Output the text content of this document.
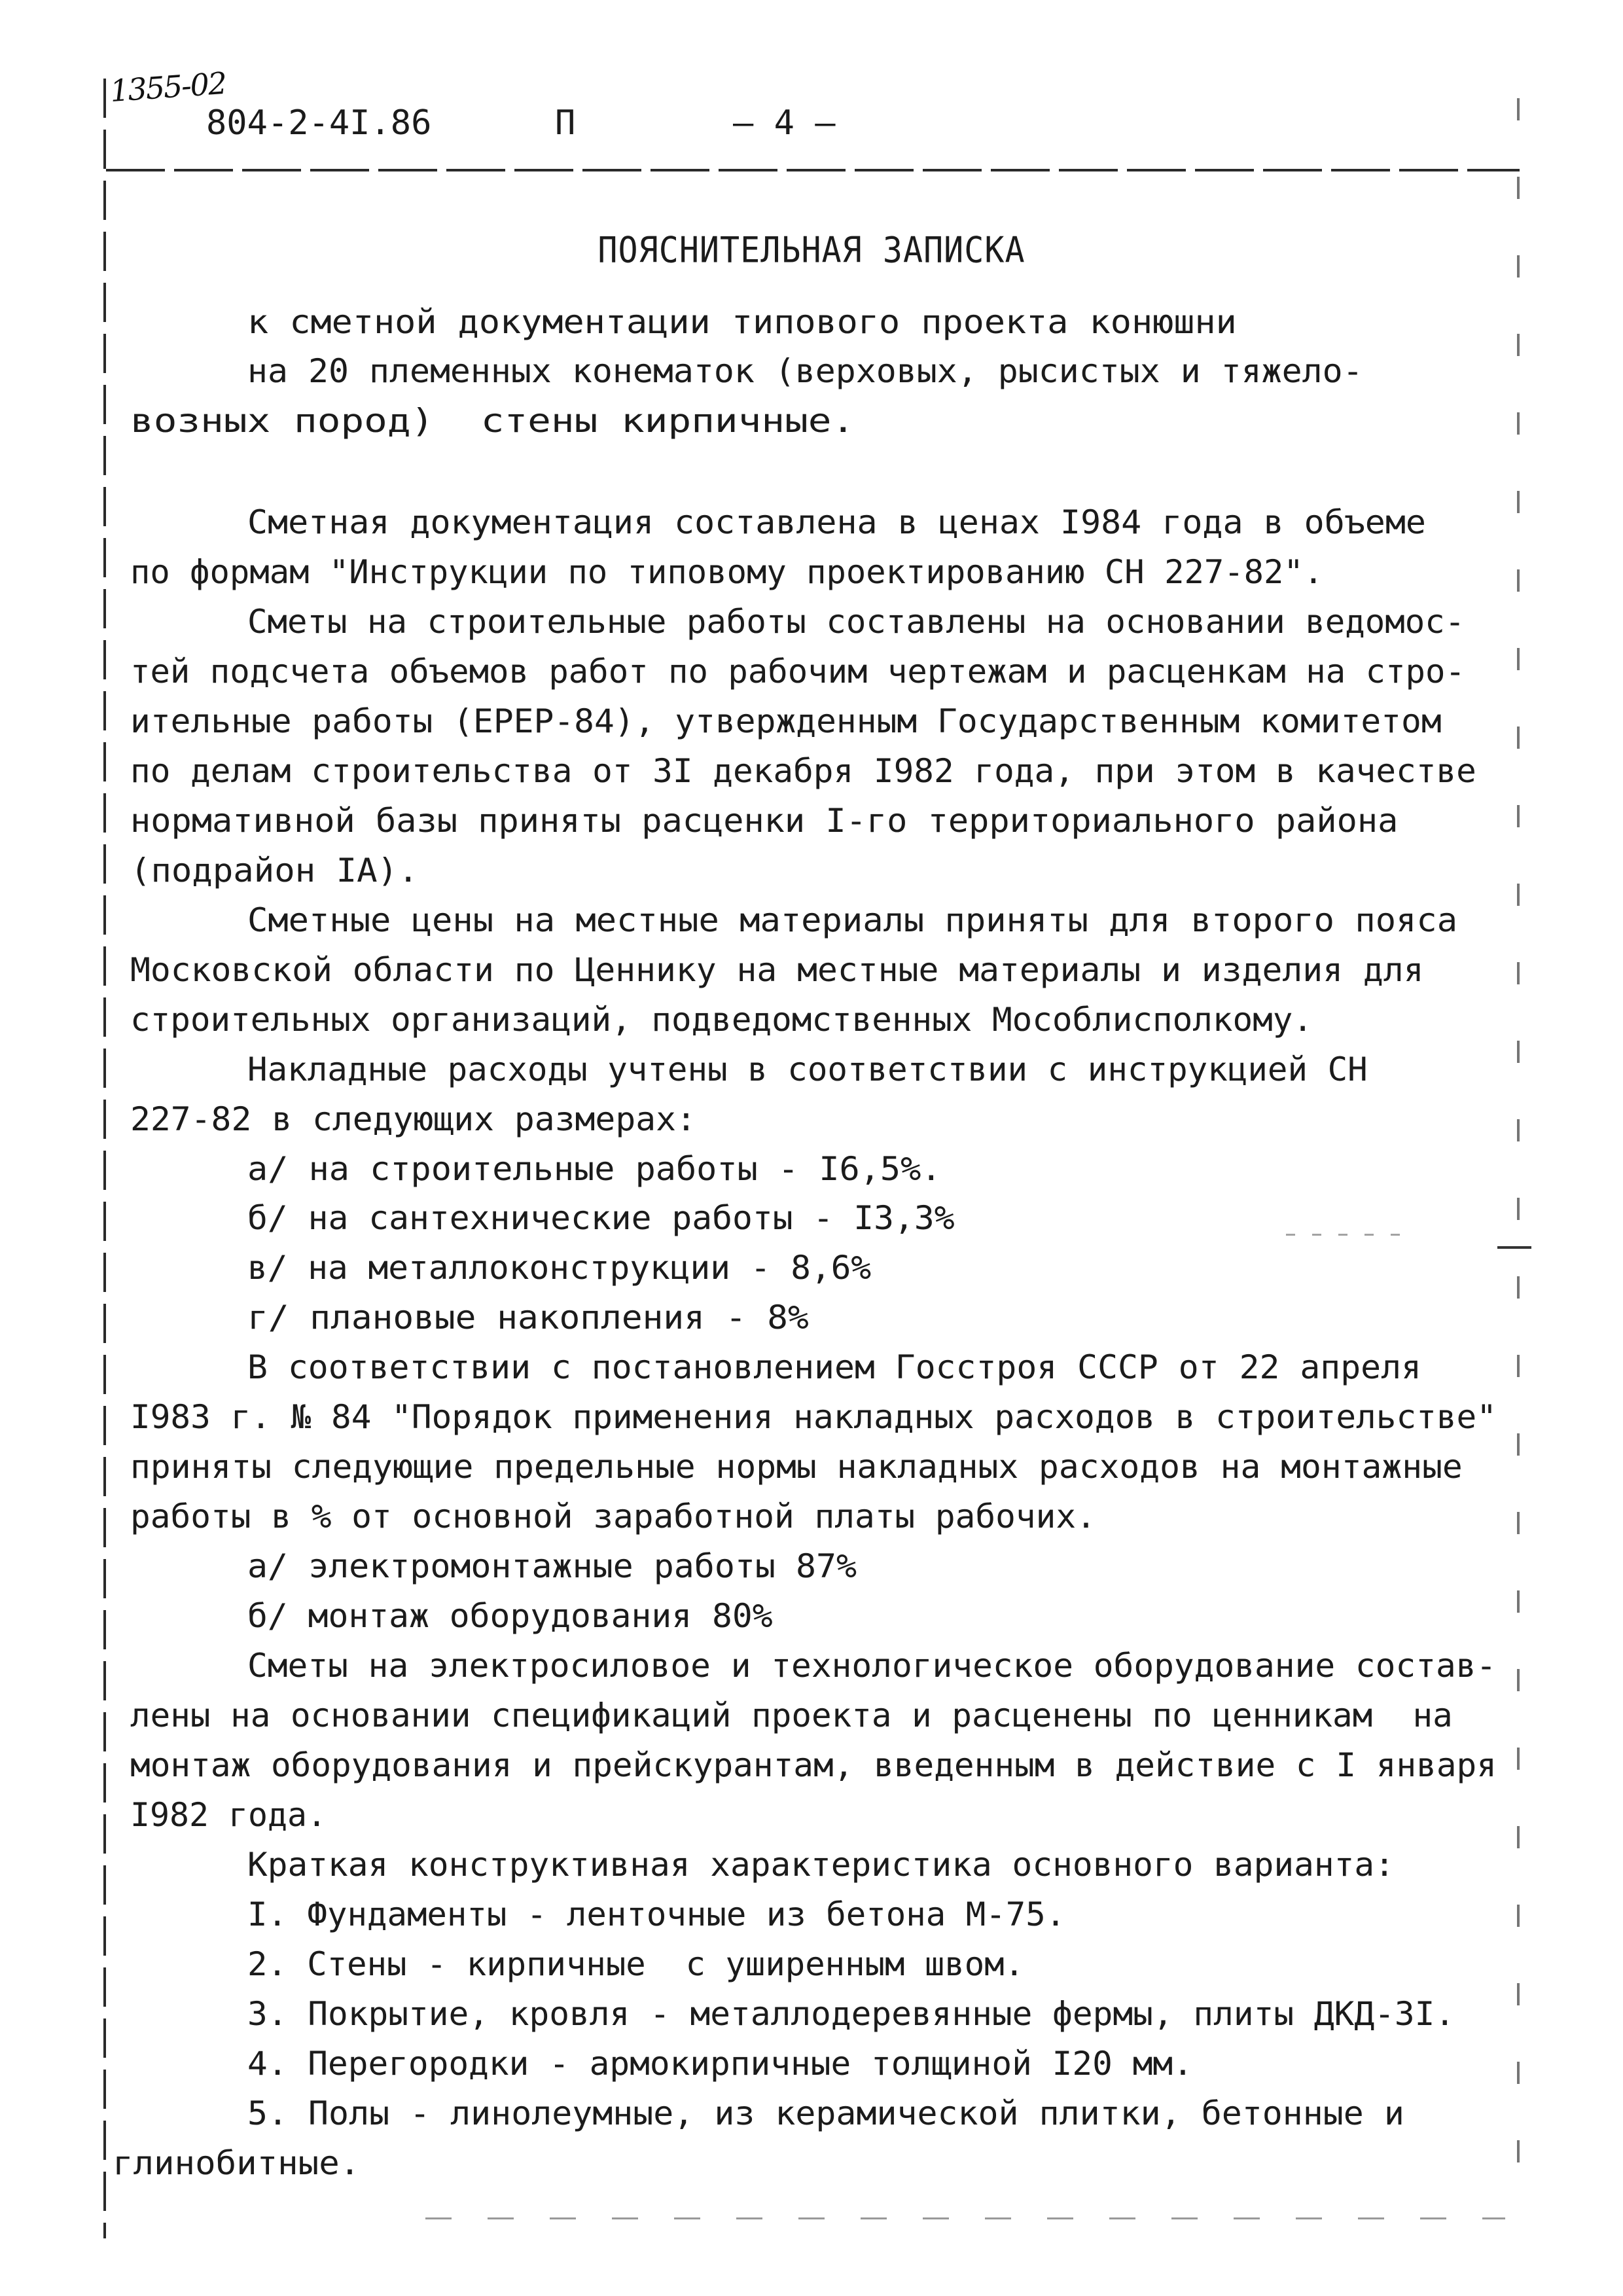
1355-02
804-2-4I.86	П	— 4 —
ПОЯСНИТЕЛЬНАЯ ЗАПИСКА
к сметной документации типового проекта конюшни
на 20 племенных конематок (верховых, рысистых и тяжело-
возных пород)  стены кирпичные.
Сметная документация составлена в ценах I984 года в объеме
по формам "Инструкции по типовому проектированию СН 227-82".
Сметы на строительные работы составлены на основании ведомос-
тей подсчета объемов работ по рабочим чертежам и расценкам на стро-
ительные работы (ЕРЕР-84), утвержденным Государственным комитетом
по делам строительства от 3I декабря I982 года, при этом в качестве
нормативной базы приняты расценки I-го территориального района
(подрайон IA).
Сметные цены на местные материалы приняты для второго пояса
Московской области по Ценнику на местные материалы и изделия для
строительных организаций, подведомственных Мособлисполкому.
Накладные расходы учтены в соответствии с инструкцией СН
227-82 в следующих размерах:
а/ на строительные работы - I6,5%.
б/ на сантехнические работы - I3,3%
в/ на металлоконструкции - 8,6%
г/ плановые накопления - 8%
В соответствии с постановлением Госстроя СССР от 22 апреля
I983 г. № 84 "Порядок применения накладных расходов в строительстве"
приняты следующие предельные нормы накладных расходов на монтажные
работы в % от основной заработной платы рабочих.
а/ электромонтажные работы 87%
б/ монтаж оборудования 80%
Сметы на электросиловое и технологическое оборудование состав-
лены на основании спецификаций проекта и расценены по ценникам  на
монтаж оборудования и прейскурантам, введенным в действие с I января
I982 года.
Краткая конструктивная характеристика основного варианта:
I. Фундаменты - ленточные из бетона М-75.
2. Стены - кирпичные  с уширенным швом.
3. Покрытие, кровля - металлодеревянные фермы, плиты ДКД-3I.
4. Перегородки - армокирпичные толщиной I20 мм.
5. Полы - линолеумные, из керамической плитки, бетонные и
глинобитные.
